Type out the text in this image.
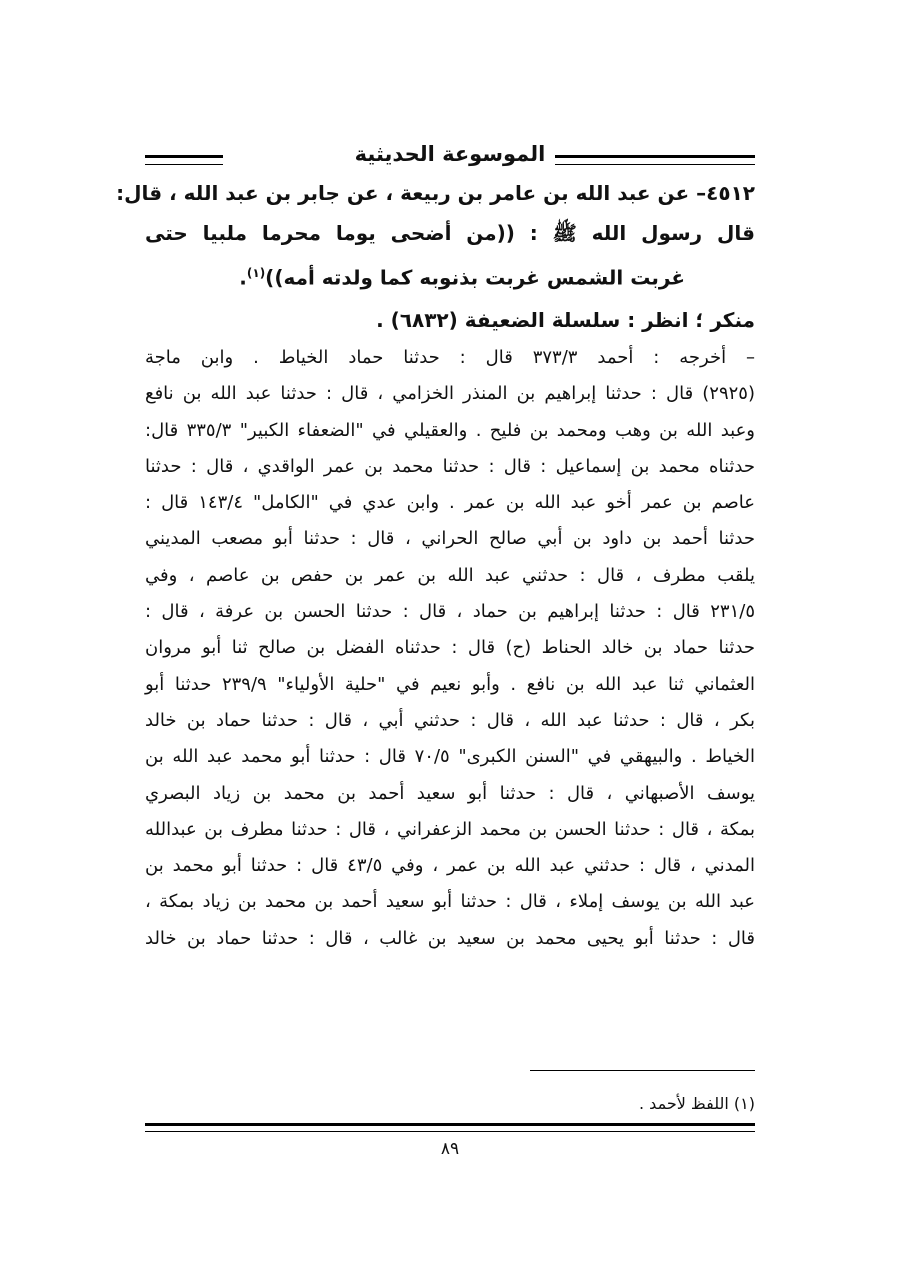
الموسوعة الحديثية
٤٥١٢– عن عبد الله بن عامر بن ربيعة ، عن جابر بن عبد الله ، قال:
قال رسول الله ﷺ : ((من أضحى يوما محرما ملبيا حتى
غربت الشمس غربت بذنوبه كما ولدته أمه))$^{(١)}$.
منكر ؛ انظر : سلسلة الضعيفة (٦٨٣٢) .
– أخرجه : أحمد ٣٧٣/٣ قال : حدثنا حماد الخياط . وابن ماجة
(٢٩٢٥) قال : حدثنا إبراهيم بن المنذر الخزامي ، قال : حدثنا عبد الله بن نافع
وعبد الله بن وهب ومحمد بن فليح . والعقيلي في "الضعفاء الكبير" ٣٣٥/٣ قال:
حدثناه محمد بن إسماعيل : قال : حدثنا محمد بن عمر الواقدي ، قال : حدثنا
عاصم بن عمر أخو عبد الله بن عمر . وابن عدي في "الكامل" ١٤٣/٤ قال :
حدثنا أحمد بن داود بن أبي صالح الحراني ، قال : حدثنا أبو مصعب المديني
يلقب مطرف ، قال : حدثني عبد الله بن عمر بن حفص بن عاصم ، وفي
٢٣١/٥ قال : حدثنا إبراهيم بن حماد ، قال : حدثنا الحسن بن عرفة ، قال :
حدثنا حماد بن خالد الحناط (ح) قال : حدثناه الفضل بن صالح ثنا أبو مروان
العثماني ثنا عبد الله بن نافع . وأبو نعيم في "حلية الأولياء" ٢٣٩/٩ حدثنا أبو
بكر ، قال : حدثنا عبد الله ، قال : حدثني أبي ، قال : حدثنا حماد بن خالد
الخياط . والبيهقي في "السنن الكبرى" ٧٠/٥ قال : حدثنا أبو محمد عبد الله بن
يوسف الأصبهاني ، قال : حدثنا أبو سعيد أحمد بن محمد بن زياد البصري
بمكة ، قال : حدثنا الحسن بن محمد الزعفراني ، قال : حدثنا مطرف بن عبدالله
المدني ، قال : حدثني عبد الله بن عمر ، وفي ٤٣/٥ قال : حدثنا أبو محمد بن
عبد الله بن يوسف إملاء ، قال : حدثنا أبو سعيد أحمد بن محمد بن زياد بمكة ،
قال : حدثنا أبو يحيى محمد بن سعيد بن غالب ، قال : حدثنا حماد بن خالد
(١) اللفظ لأحمد .
٨٩
